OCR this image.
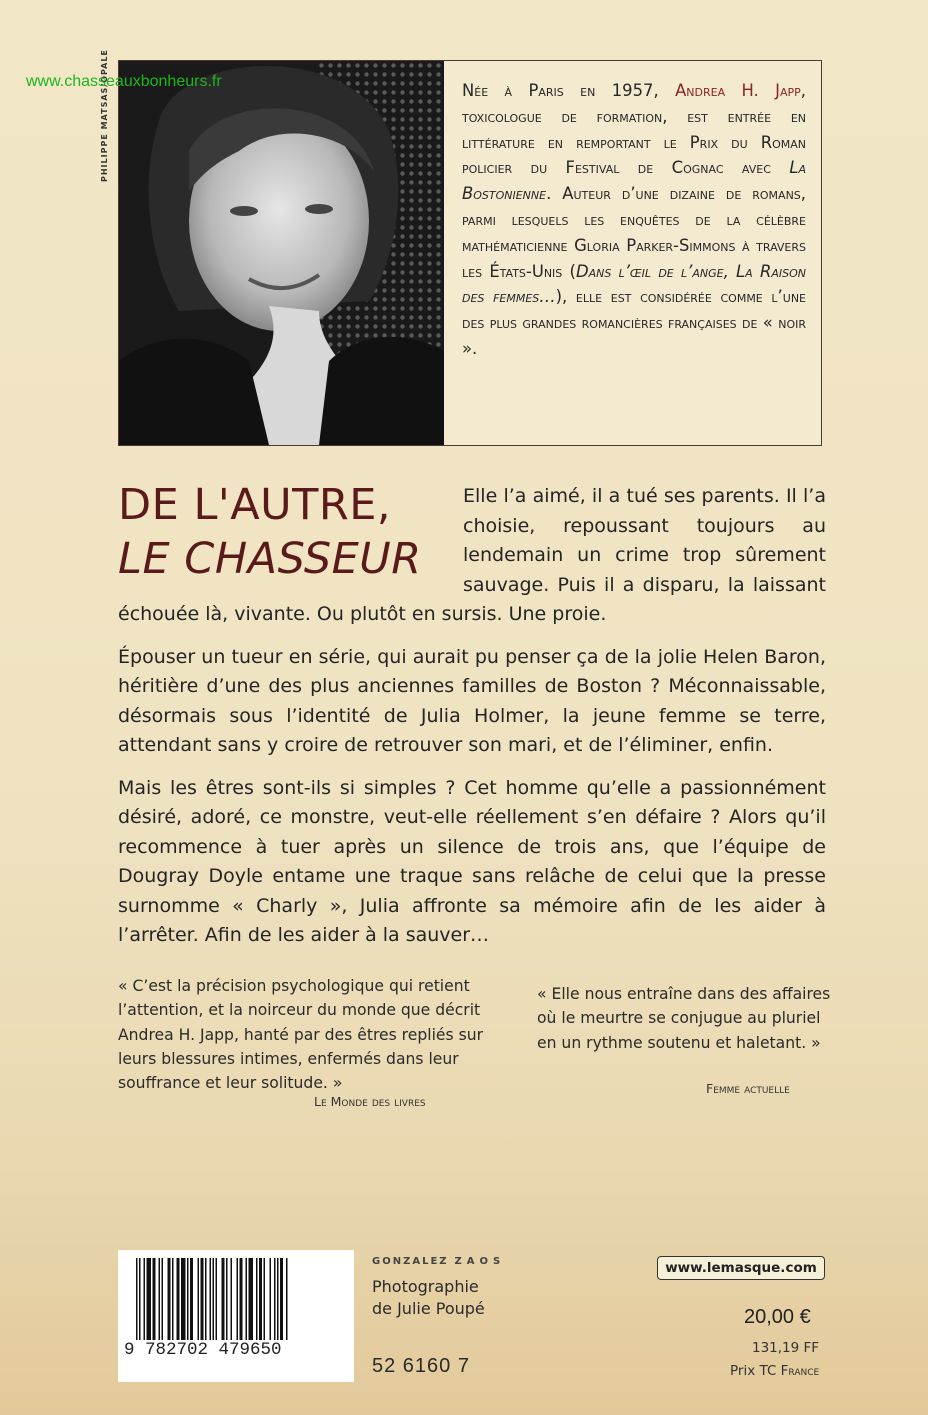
www.chasseauxbonheurs.fr
PHILIPPE MATSAS/OPALE	Née à Paris en 1957, Andrea H. Japp, toxicologue de formation, est entrée en littérature en remportant le Prix du Roman policier du Festival de Cognac avec La Bostonienne. Auteur d’une dizaine de romans, parmi lesquels les enquêtes de la célèbre mathématicienne Gloria Parker-Simmons à travers les États-Unis (Dans l’œil de l’ange, La Raison des femmes…), elle est considérée comme l’une des plus grandes romancières françaises de « noir ».
DE L'AUTRE,
LE CHASSEUR

Elle l’a aimé, il a tué ses parents. Il l’a choisie, repoussant toujours au lendemain un crime trop sûrement sauvage. Puis il a disparu, la laissant échouée là, vivante. Ou plutôt en sursis. Une proie.

Épouser un tueur en série, qui aurait pu penser ça de la jolie Helen Baron, héritière d’une des plus anciennes familles de Boston ? Méconnaissable, désormais sous l’identité de Julia Holmer, la jeune femme se terre, attendant sans y croire de retrouver son mari, et de l’éliminer, enfin.

Mais les êtres sont-ils si simples ? Cet homme qu’elle a passionnément désiré, adoré, ce monstre, veut-elle réellement s’en défaire ? Alors qu’il recommence à tuer après un silence de trois ans, que l’équipe de Dougray Doyle entame une traque sans relâche de celui que la presse surnomme « Charly », Julia affronte sa mémoire afin de les aider à l’arrêter. Afin de les aider à la sauver…

« C’est la précision psychologique qui retient l’attention, et la noirceur du monde que décrit Andrea H. Japp, hanté par des êtres repliés sur leurs blessures intimes, enfermés dans leur souffrance et leur solitude. »
Le Monde des livres
« Elle nous entraîne dans des affaires où le meurtre se conjugue au pluriel en un rythme soutenu et haletant. »
Femme actuelle
9 782702 479650
GONZALEZ ZAOS
Photographie
de Julie Poupé
52 6160 7
www.lemasque.com
20,00 €
131,19 FF
Prix TC France
